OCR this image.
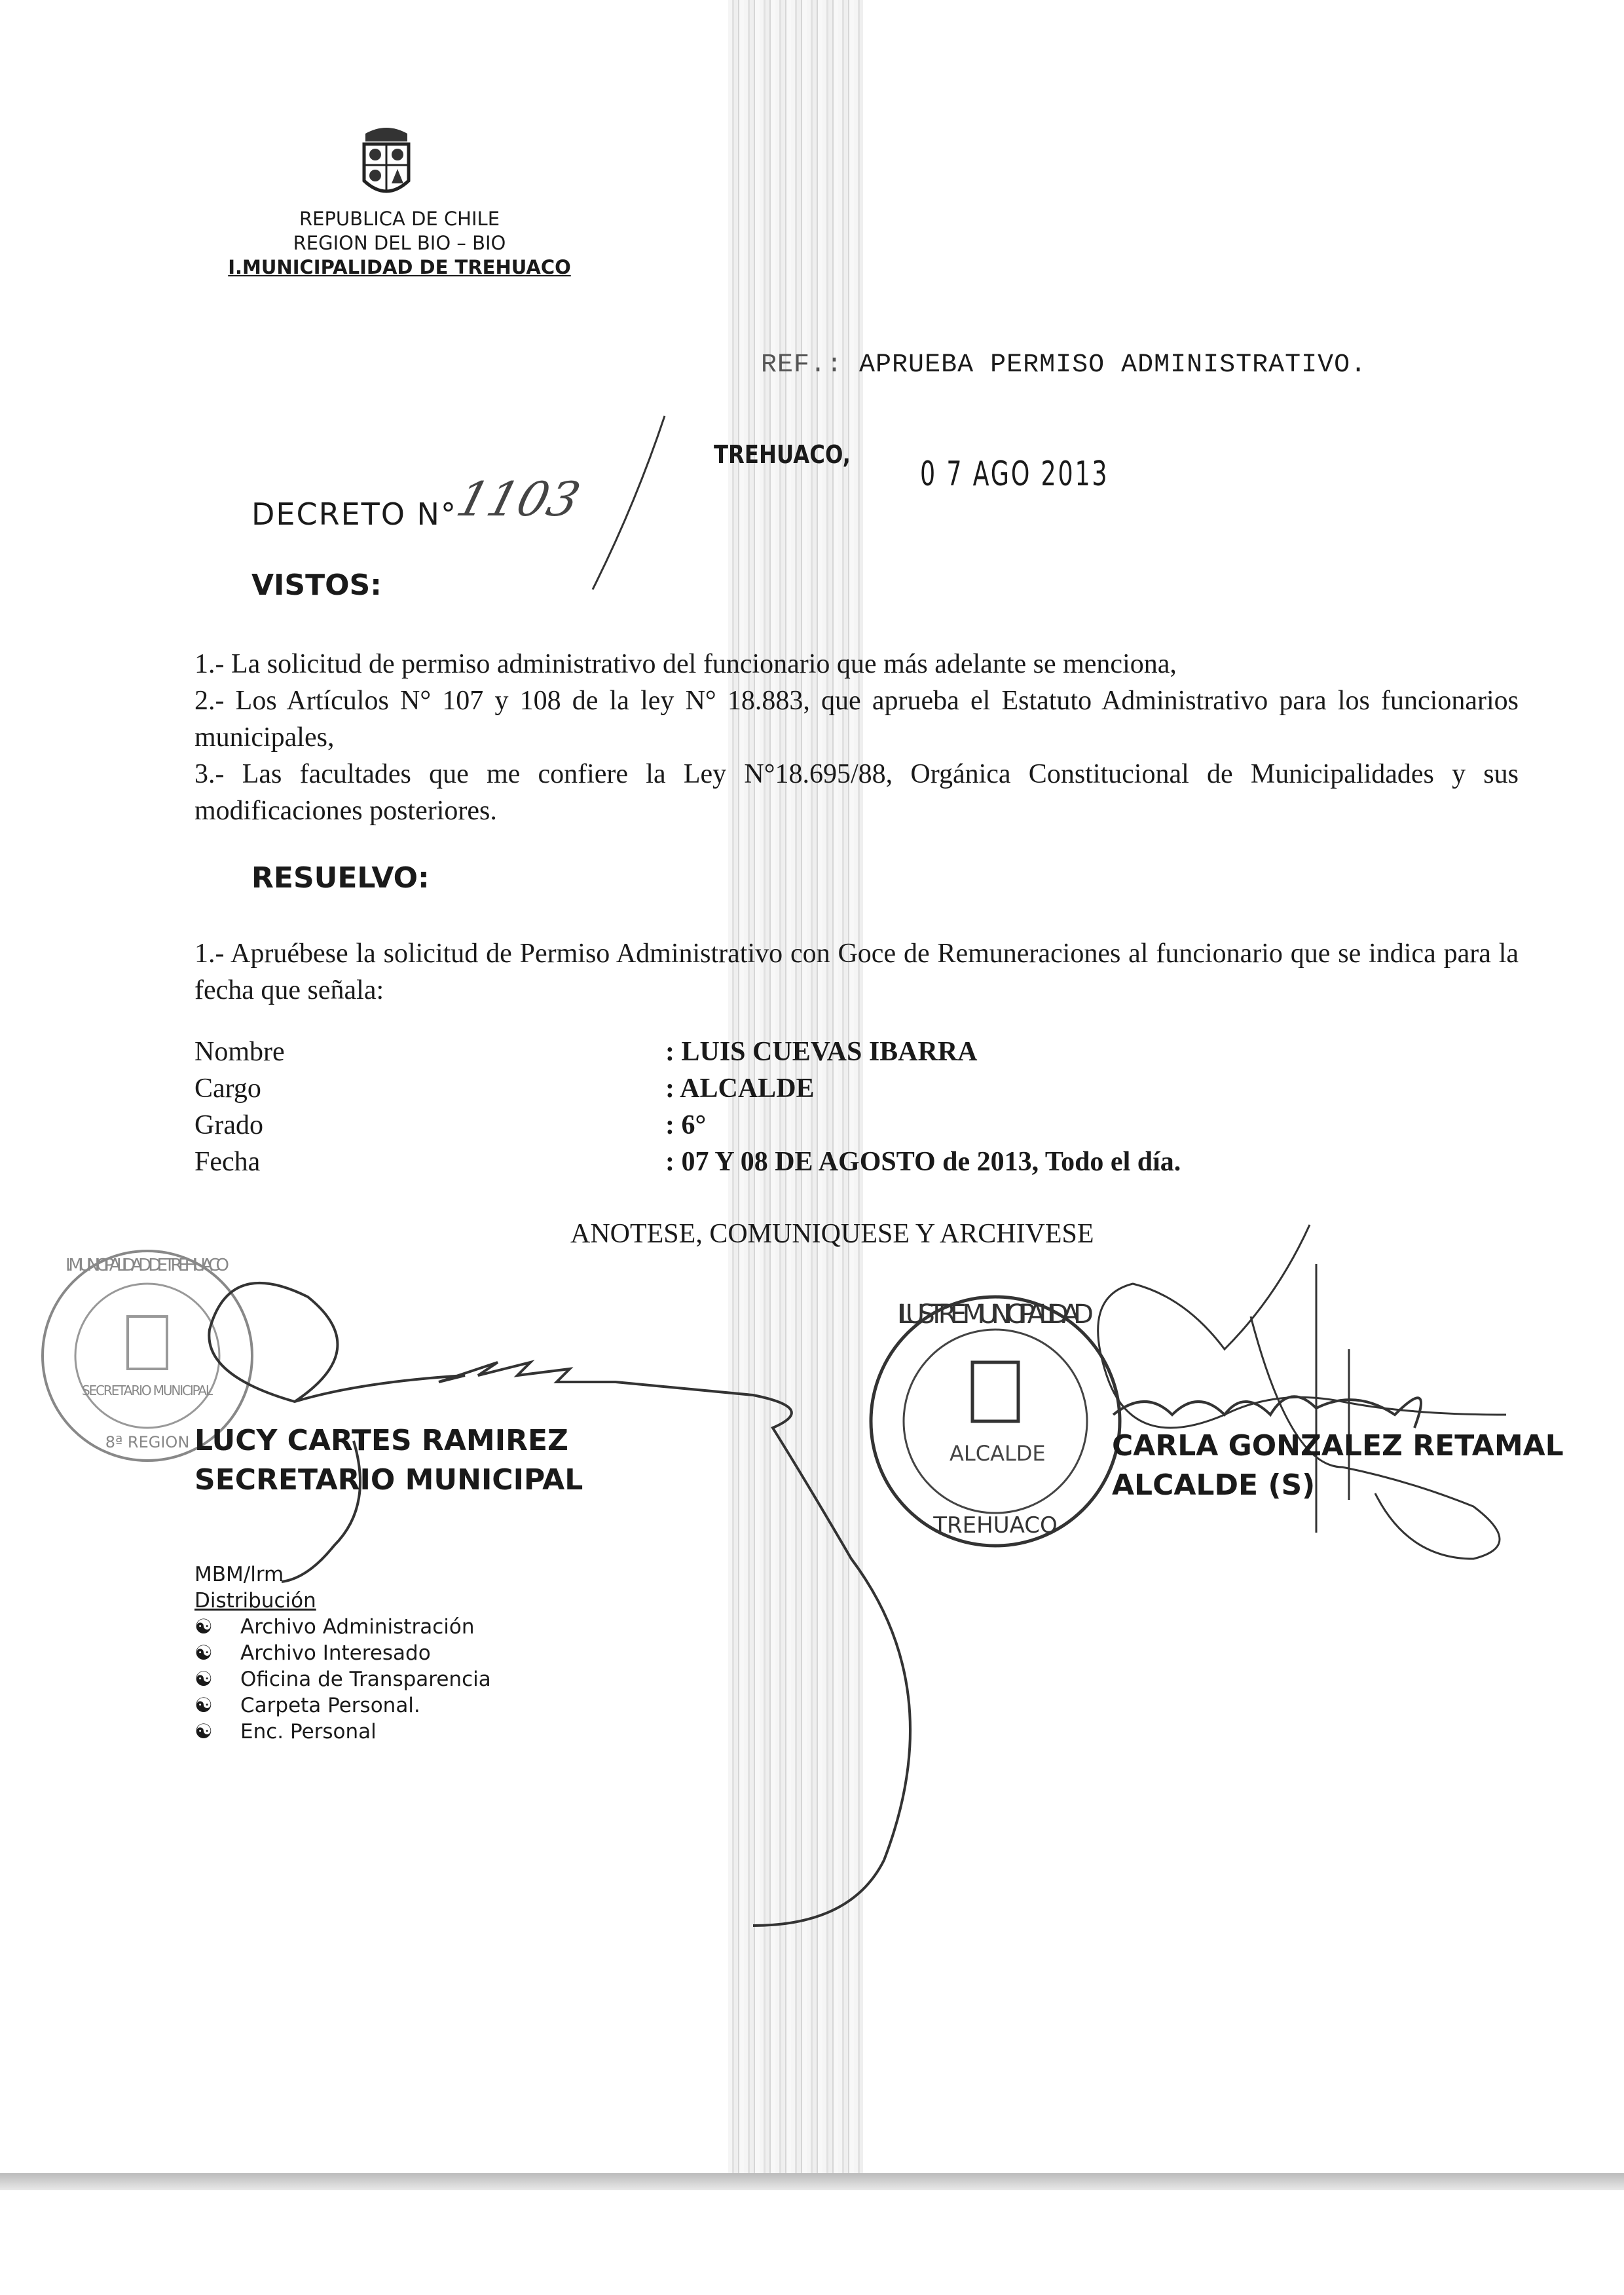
REPUBLICA DE CHILE
REGION DEL BIO – BIO
I.MUNICIPALIDAD DE TREHUACO
REF.: APRUEBA PERMISO ADMINISTRATIVO.
TREHUACO, 0 7 AGO 2013
DECRETO N°
1103
VISTOS:
1.- La solicitud de permiso administrativo del funcionario que más adelante se menciona,
2.- Los Artículos N° 107 y 108 de la ley N° 18.883, que aprueba el Estatuto Administrativo para los funcionarios municipales,
3.- Las facultades que me confiere la Ley N°18.695/88, Orgánica Constitucional de Municipalidades y sus modificaciones posteriores.
RESUELVO:
1.- Apruébese la solicitud de Permiso Administrativo con Goce de Remuneraciones al funcionario que se indica para la fecha que señala:
Nombre	: LUIS CUEVAS IBARRA
Cargo	: ALCALDE
Grado	: 6°
Fecha	: 07 Y 08 DE AGOSTO de 2013, Todo el día.
ANOTESE, COMUNIQUESE Y ARCHIVESE
I. MUNICIPALIDAD DE TREHUACO
SECRETARIO MUNICIPAL
8ª REGION
ILUSTRE MUNICIPALIDAD
ALCALDE
TREHUACO
LUCY CARTES RAMIREZ
SECRETARIO MUNICIPAL
CARLA GONZALEZ RETAMAL
ALCALDE (S)
MBM/lrm
Distribución
☯ Archivo Administración
☯ Archivo Interesado
☯ Oficina de Transparencia
☯ Carpeta Personal.
☯ Enc. Personal
